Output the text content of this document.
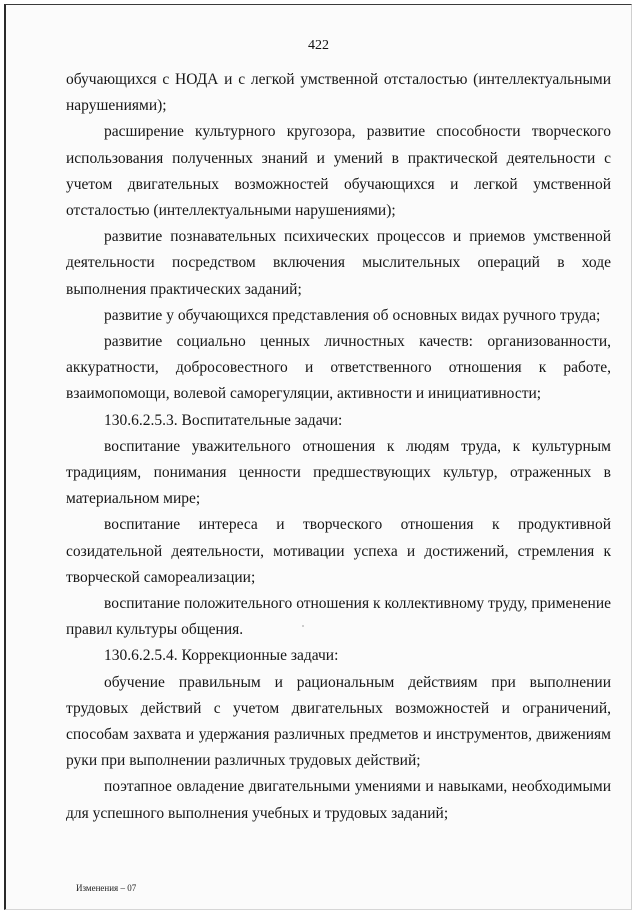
422

обучающихся с НОДА и с легкой умственной отсталостью (интеллектуальными нарушениями);

расширение культурного кругозора, развитие способности творческого использования полученных знаний и умений в практической деятельности с учетом двигательных возможностей обучающихся и легкой умственной отсталостью (интеллектуальными нарушениями);

развитие познавательных психических процессов и приемов умственной деятельности посредством включения мыслительных операций в ходе выполнения практических заданий;

развитие у обучающихся представления об основных видах ручного труда;

развитие социально ценных личностных качеств: организованности, аккуратности, добросовестного и ответственного отношения к работе, взаимопомощи, волевой саморегуляции, активности и инициативности;

130.6.2.5.3. Воспитательные задачи:

воспитание уважительного отношения к людям труда, к культурным традициям, понимания ценности предшествующих культур, отраженных в материальном мире;

воспитание интереса и творческого отношения к продуктивной созидательной деятельности, мотивации успеха и достижений, стремления к творческой самореализации;

воспитание положительного отношения к коллективному труду, применение правил культуры общения.

130.6.2.5.4. Коррекционные задачи:

обучение правильным и рациональным действиям при выполнении трудовых действий с учетом двигательных возможностей и ограничений, способам захвата и удержания различных предметов и инструментов, движениям руки при выполнении различных трудовых действий;

поэтапное овладение двигательными умениями и навыками, необходимыми для успешного выполнения учебных и трудовых заданий;

Изменения – 07
